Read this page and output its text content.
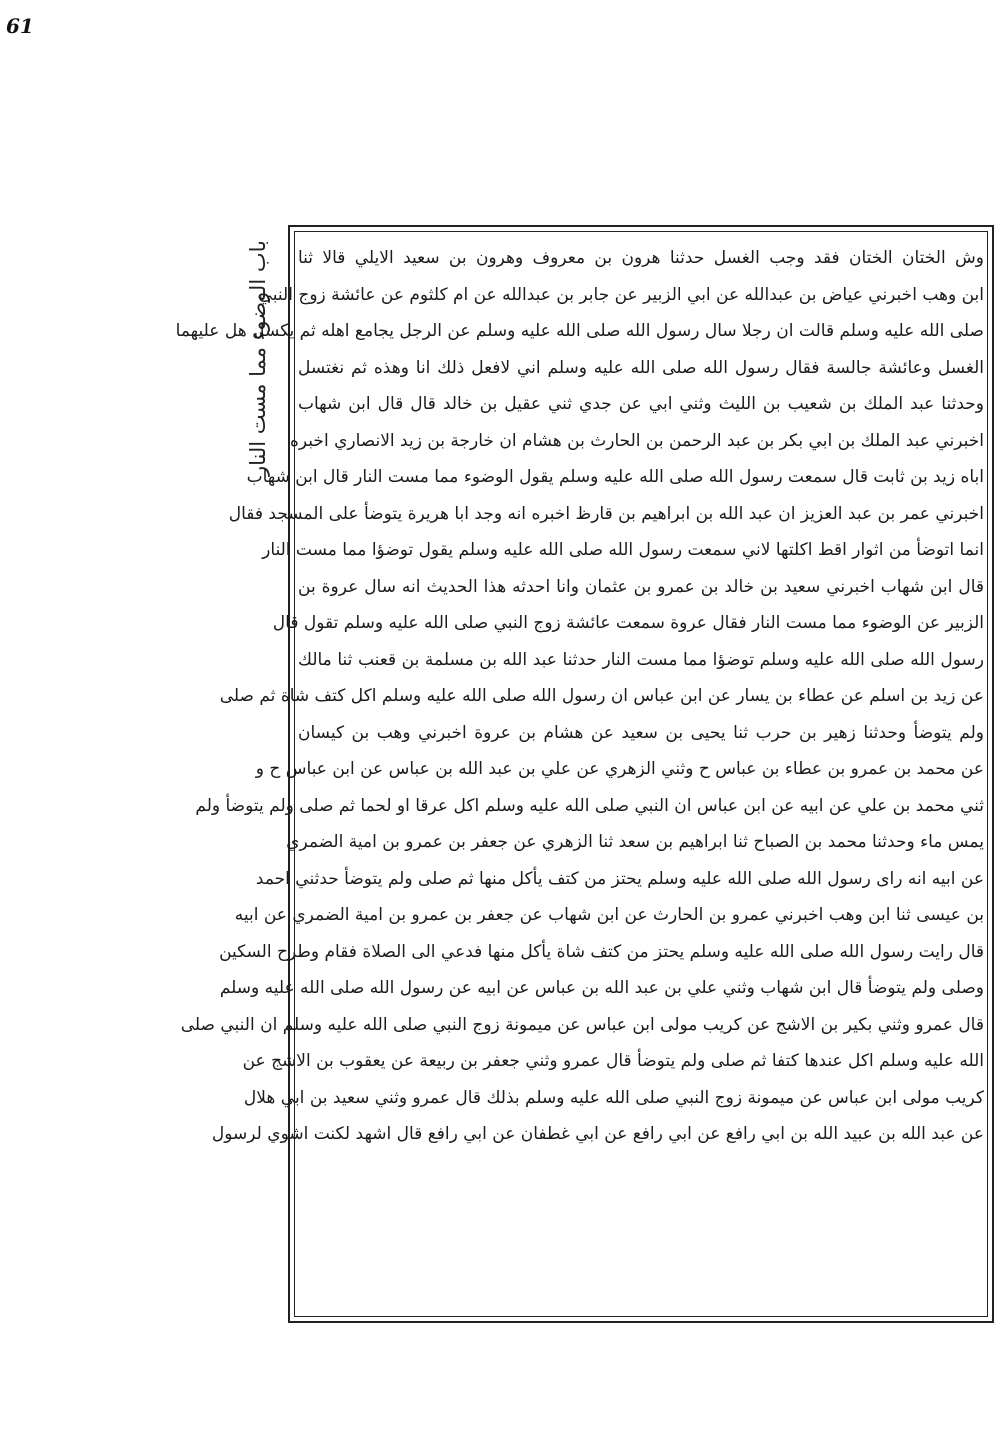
61
باب الوضوء مما مست النار	وش الختان الختان فقد وجب الغسل حدثنا هرون بن معروف وهرون بن سعيد الايلي قالا ثنا
ابن وهب اخبرني عياض بن عبدالله عن ابي الزبير عن جابر بن عبدالله عن ام كلثوم عن عائشة زوج النبي
صلى الله عليه وسلم قالت ان رجلا سال رسول الله صلى الله عليه وسلم عن الرجل يجامع اهله ثم يكسل هل عليهما
الغسل وعائشة جالسة فقال رسول الله صلى الله عليه وسلم اني لافعل ذلك انا وهذه ثم نغتسل
وحدثنا عبد الملك بن شعيب بن الليث وثني ابي عن جدي ثني عقيل بن خالد قال قال ابن شهاب
اخبرني عبد الملك بن ابي بكر بن عبد الرحمن بن الحارث بن هشام ان خارجة بن زيد الانصاري اخبره
اباه زيد بن ثابت قال سمعت رسول الله صلى الله عليه وسلم يقول الوضوء مما مست النار قال ابن شهاب
اخبرني عمر بن عبد العزيز ان عبد الله بن ابراهيم بن قارظ اخبره انه وجد ابا هريرة يتوضأ على المسجد فقال
انما اتوضأ من اثوار اقط اكلتها لاني سمعت رسول الله صلى الله عليه وسلم يقول توضؤا مما مست النار
قال ابن شهاب اخبرني سعيد بن خالد بن عمرو بن عثمان وانا احدثه هذا الحديث انه سال عروة بن
الزبير عن الوضوء مما مست النار فقال عروة سمعت عائشة زوج النبي صلى الله عليه وسلم تقول قال
رسول الله صلى الله عليه وسلم توضؤا مما مست النار حدثنا عبد الله بن مسلمة بن قعنب ثنا مالك
عن زيد بن اسلم عن عطاء بن يسار عن ابن عباس ان رسول الله صلى الله عليه وسلم اكل كتف شاة ثم صلى
ولم يتوضأ وحدثنا زهير بن حرب ثنا يحيى بن سعيد عن هشام بن عروة اخبرني وهب بن كيسان
عن محمد بن عمرو بن عطاء بن عباس ح وثني الزهري عن علي بن عبد الله بن عباس عن ابن عباس ح و
ثني محمد بن علي عن ابيه عن ابن عباس ان النبي صلى الله عليه وسلم اكل عرقا او لحما ثم صلى ولم يتوضأ ولم
يمس ماء وحدثنا محمد بن الصباح ثنا ابراهيم بن سعد ثنا الزهري عن جعفر بن عمرو بن امية الضمري
عن ابيه انه راى رسول الله صلى الله عليه وسلم يحتز من كتف يأكل منها ثم صلى ولم يتوضأ حدثني احمد
بن عيسى ثنا ابن وهب اخبرني عمرو بن الحارث عن ابن شهاب عن جعفر بن عمرو بن امية الضمري عن ابيه
قال رايت رسول الله صلى الله عليه وسلم يحتز من كتف شاة يأكل منها فدعي الى الصلاة فقام وطرح السكين
وصلى ولم يتوضأ قال ابن شهاب وثني علي بن عبد الله بن عباس عن ابيه عن رسول الله صلى الله عليه وسلم
قال عمرو وثني بكير بن الاشج عن كريب مولى ابن عباس عن ميمونة زوج النبي صلى الله عليه وسلم ان النبي صلى
الله عليه وسلم اكل عندها كتفا ثم صلى ولم يتوضأ قال عمرو وثني جعفر بن ربيعة عن يعقوب بن الاشج عن
كريب مولى ابن عباس عن ميمونة زوج النبي صلى الله عليه وسلم بذلك قال عمرو وثني سعيد بن ابي هلال
عن عبد الله بن عبيد الله بن ابي رافع عن ابي رافع عن ابي غطفان عن ابي رافع قال اشهد لكنت اشوي لرسول
